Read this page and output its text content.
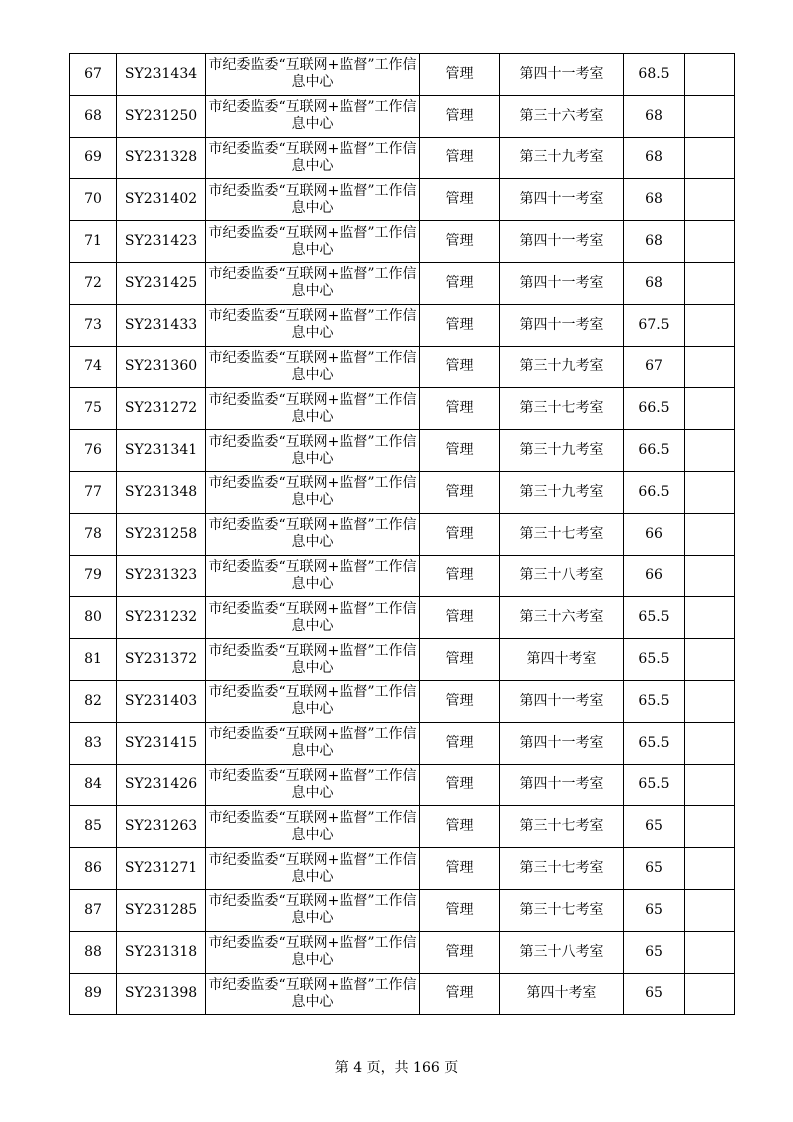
67	SY231434	市纪委监委“互联网+监督”工作信息中心	管理	第四十一考室	68.5	
68	SY231250	市纪委监委“互联网+监督”工作信息中心	管理	第三十六考室	68	
69	SY231328	市纪委监委“互联网+监督”工作信息中心	管理	第三十九考室	68	
70	SY231402	市纪委监委“互联网+监督”工作信息中心	管理	第四十一考室	68	
71	SY231423	市纪委监委“互联网+监督”工作信息中心	管理	第四十一考室	68	
72	SY231425	市纪委监委“互联网+监督”工作信息中心	管理	第四十一考室	68	
73	SY231433	市纪委监委“互联网+监督”工作信息中心	管理	第四十一考室	67.5	
74	SY231360	市纪委监委“互联网+监督”工作信息中心	管理	第三十九考室	67	
75	SY231272	市纪委监委“互联网+监督”工作信息中心	管理	第三十七考室	66.5	
76	SY231341	市纪委监委“互联网+监督”工作信息中心	管理	第三十九考室	66.5	
77	SY231348	市纪委监委“互联网+监督”工作信息中心	管理	第三十九考室	66.5	
78	SY231258	市纪委监委“互联网+监督”工作信息中心	管理	第三十七考室	66	
79	SY231323	市纪委监委“互联网+监督”工作信息中心	管理	第三十八考室	66	
80	SY231232	市纪委监委“互联网+监督”工作信息中心	管理	第三十六考室	65.5	
81	SY231372	市纪委监委“互联网+监督”工作信息中心	管理	第四十考室	65.5	
82	SY231403	市纪委监委“互联网+监督”工作信息中心	管理	第四十一考室	65.5	
83	SY231415	市纪委监委“互联网+监督”工作信息中心	管理	第四十一考室	65.5	
84	SY231426	市纪委监委“互联网+监督”工作信息中心	管理	第四十一考室	65.5	
85	SY231263	市纪委监委“互联网+监督”工作信息中心	管理	第三十七考室	65	
86	SY231271	市纪委监委“互联网+监督”工作信息中心	管理	第三十七考室	65	
87	SY231285	市纪委监委“互联网+监督”工作信息中心	管理	第三十七考室	65	
88	SY231318	市纪委监委“互联网+监督”工作信息中心	管理	第三十八考室	65	
89	SY231398	市纪委监委“互联网+监督”工作信息中心	管理	第四十考室	65	
第 4 页，共 166 页
